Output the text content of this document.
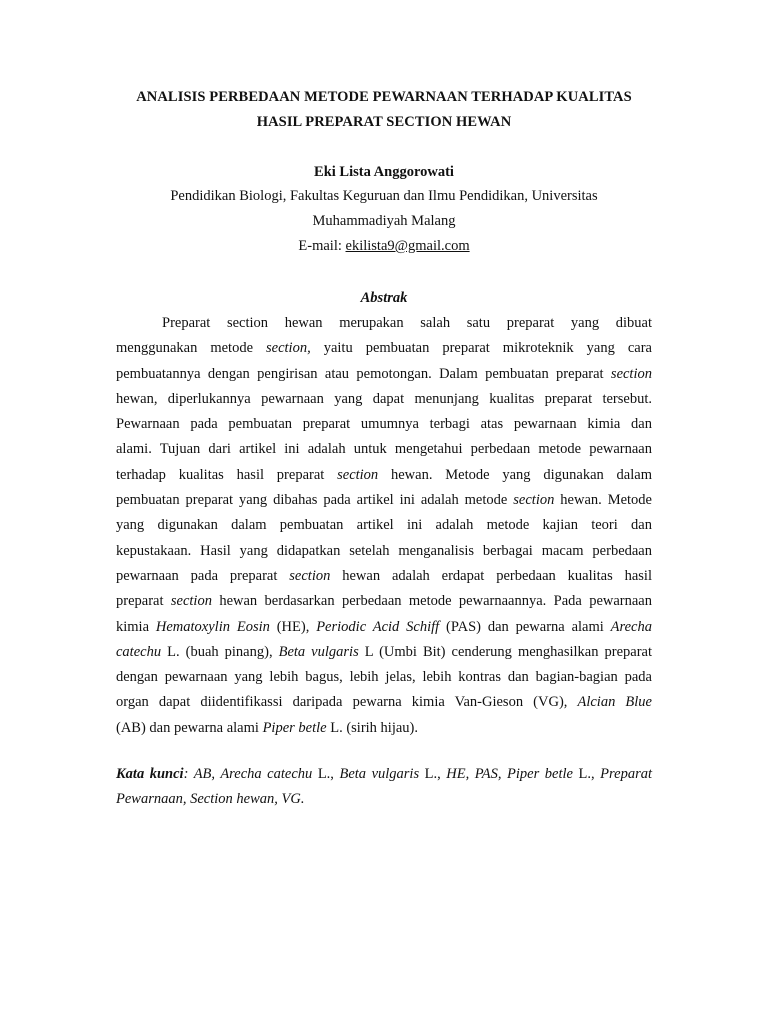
ANALISIS PERBEDAAN METODE PEWARNAAN TERHADAP KUALITAS
HASIL PREPARAT SECTION HEWAN
Eki Lista Anggorowati
Pendidikan Biologi, Fakultas Keguruan dan Ilmu Pendidikan, Universitas
Muhammadiyah Malang
E-mail: ekilista9@gmail.com
Abstrak
Preparat section hewan merupakan salah satu preparat yang dibuat
menggunakan metode section, yaitu pembuatan preparat mikroteknik yang cara
pembuatannya dengan pengirisan atau pemotongan. Dalam pembuatan preparat section
hewan, diperlukannya pewarnaan yang dapat menunjang kualitas preparat tersebut.
Pewarnaan pada pembuatan preparat umumnya terbagi atas pewarnaan kimia dan
alami. Tujuan dari artikel ini adalah untuk mengetahui perbedaan metode pewarnaan
terhadap kualitas hasil preparat section hewan. Metode yang digunakan dalam
pembuatan preparat yang dibahas pada artikel ini adalah metode section hewan. Metode
yang digunakan dalam pembuatan artikel ini adalah metode kajian teori dan
kepustakaan. Hasil yang didapatkan setelah menganalisis berbagai macam perbedaan
pewarnaan pada preparat section hewan adalah erdapat perbedaan kualitas hasil
preparat section hewan berdasarkan perbedaan metode pewarnaannya. Pada pewarnaan
kimia Hematoxylin Eosin (HE), Periodic Acid Schiff (PAS) dan pewarna alami Arecha
catechu L. (buah pinang), Beta vulgaris L (Umbi Bit) cenderung menghasilkan preparat
dengan pewarnaan yang lebih bagus, lebih jelas, lebih kontras dan bagian-bagian pada
organ dapat diidentifikassi daripada pewarna kimia Van-Gieson (VG), Alcian Blue
(AB) dan pewarna alami Piper betle L. (sirih hijau).
Kata kunci: AB, Arecha catechu L., Beta vulgaris L., HE, PAS, Piper betle L., Preparat
Pewarnaan, Section hewan, VG.
